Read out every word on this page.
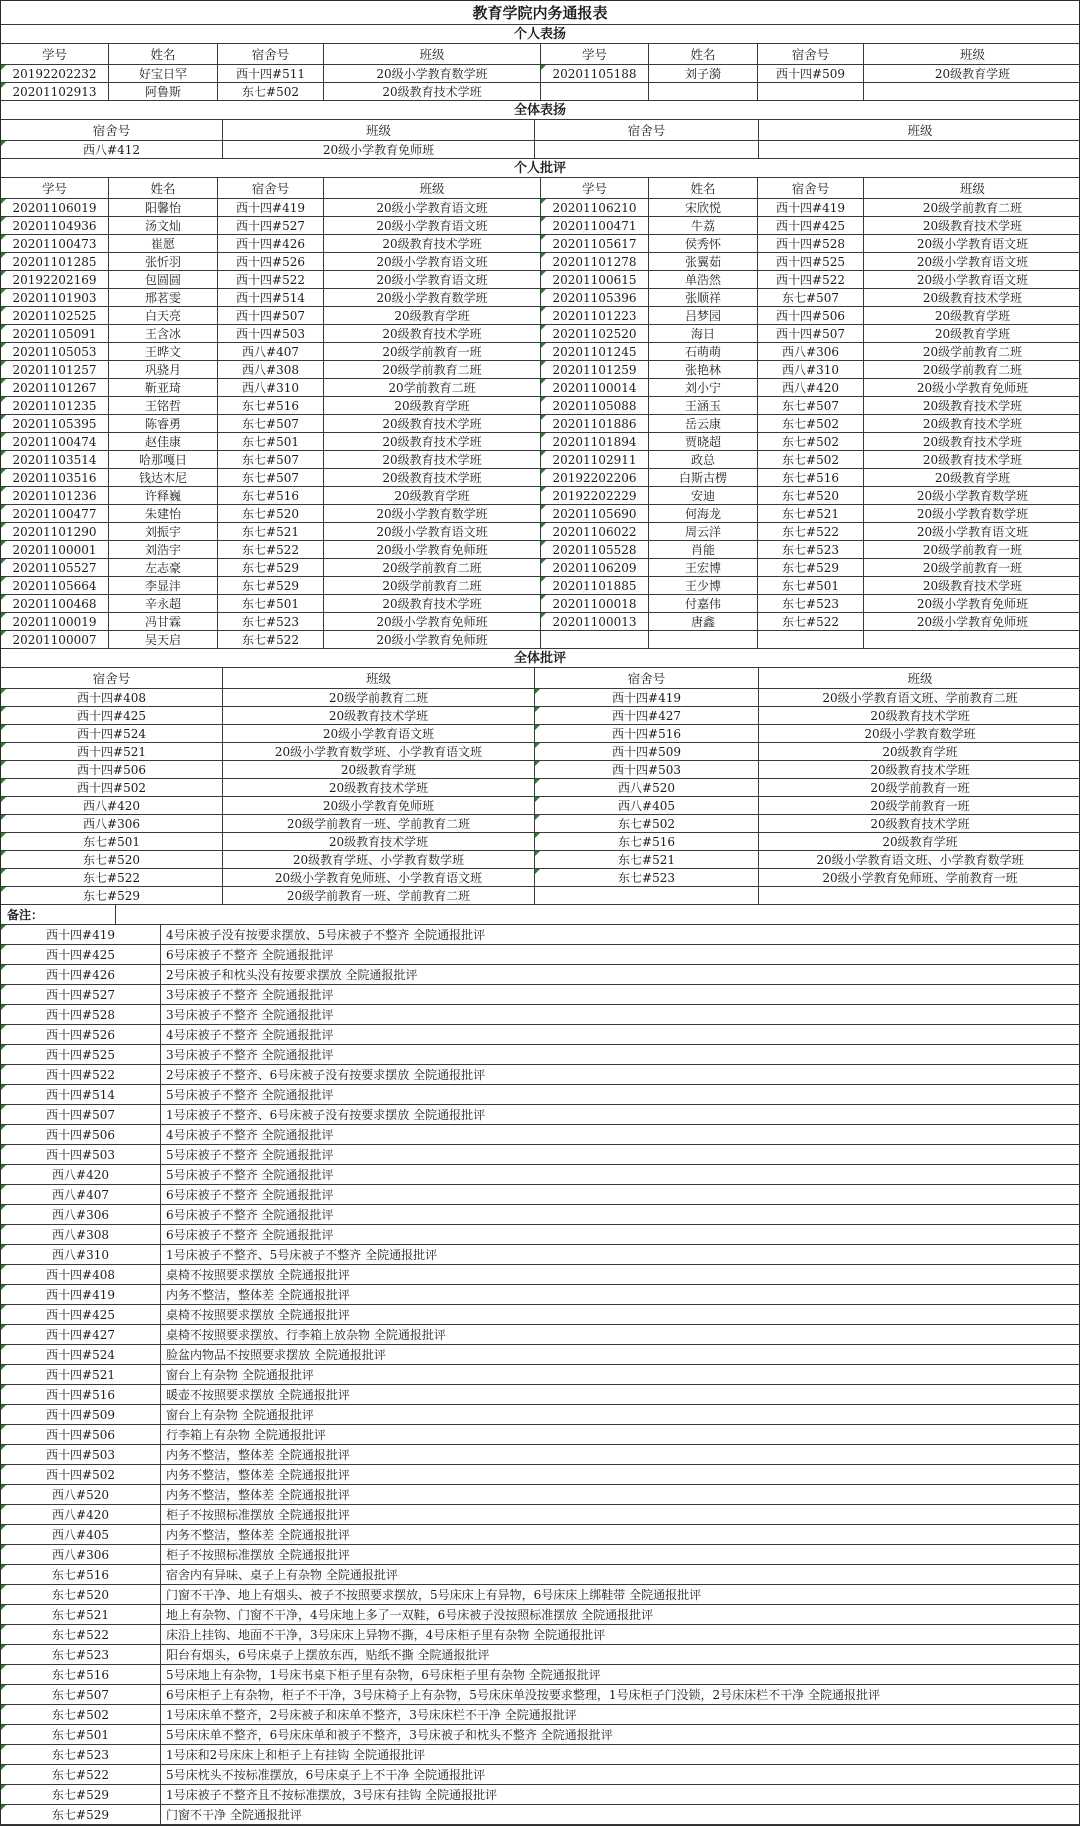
教育学院内务通报表
个人表扬
学号	姓名	宿舍号	班级	学号	姓名	宿舍号	班级
20192202232	好宝日罕	西十四#511	20级小学教育数学班	20201105188	刘子漪	西十四#509	20级教育学班
20201102913	阿鲁斯	东七#502	20级教育技术学班
全体表扬
宿舍号	班级	宿舍号	班级
西八#412	20级小学教育免师班
个人批评
学号	姓名	宿舍号	班级	学号	姓名	宿舍号	班级
20201106019	阳馨怡	西十四#419	20级小学教育语文班	20201106210	宋欣悦	西十四#419	20级学前教育二班
20201104936	汤文灿	西十四#527	20级小学教育语文班	20201100471	牛荔	西十四#425	20级教育技术学班
20201100473	崔愿	西十四#426	20级教育技术学班	20201105617	侯秀怀	西十四#528	20级小学教育语文班
20201101285	张忻羽	西十四#526	20级小学教育语文班	20201101278	张翼茹	西十四#525	20级小学教育语文班
20192202169	包圆圆	西十四#522	20级小学教育语文班	20201100615	单浩然	西十四#522	20级小学教育语文班
20201101903	邢茗雯	西十四#514	20级小学教育数学班	20201105396	张顺祥	东七#507	20级教育技术学班
20201102525	白天亮	西十四#507	20级教育学班	20201101223	吕梦园	西十四#506	20级教育学班
20201105091	王含冰	西十四#503	20级教育技术学班	20201102520	海日	西十四#507	20级教育学班
20201105053	王晔文	西八#407	20级学前教育一班	20201101245	石萌萌	西八#306	20级学前教育二班
20201101257	巩骁月	西八#308	20级学前教育二班	20201101259	张艳林	西八#310	20级学前教育二班
20201101267	靳亚琦	西八#310	20学前教育二班	20201100014	刘小宁	西八#420	20级小学教育免师班
20201101235	王铭哲	东七#516	20级教育学班	20201105088	王涵玉	东七#507	20级教育技术学班
20201105395	陈睿勇	东七#507	20级教育技术学班	20201101886	岳云康	东七#502	20级教育技术学班
20201100474	赵佳康	东七#501	20级教育技术学班	20201101894	贾晓超	东七#502	20级教育技术学班
20201103514	哈那嘎日	东七#507	20级教育技术学班	20201102911	政总	东七#502	20级教育技术学班
20201103516	钱达木尼	东七#507	20级教育技术学班	20192202206	白斯古楞	东七#516	20级教育学班
20201101236	许释巍	东七#516	20级教育学班	20192202229	安迪	东七#520	20级小学教育数学班
20201100477	朱建怡	东七#520	20级小学教育数学班	20201105690	何海龙	东七#521	20级小学教育数学班
20201101290	刘振宇	东七#521	20级小学教育语文班	20201106022	周云洋	东七#522	20级小学教育语文班
20201100001	刘浩宇	东七#522	20级小学教育免师班	20201105528	肖能	东七#523	20级学前教育一班
20201105527	左志豪	东七#529	20级学前教育二班	20201106209	王宏博	东七#529	20级学前教育一班
20201105664	李显沣	东七#529	20级学前教育二班	20201101885	王少博	东七#501	20级教育技术学班
20201100468	辛永超	东七#501	20级教育技术学班	20201100018	付嘉伟	东七#523	20级小学教育免师班
20201100019	冯甘霖	东七#523	20级小学教育免师班	20201100013	唐鑫	东七#522	20级小学教育免师班
20201100007	吴天启	东七#522	20级小学教育免师班
全体批评
宿舍号	班级	宿舍号	班级
西十四#408	20级学前教育二班	西十四#419	20级小学教育语文班、学前教育二班
西十四#425	20级教育技术学班	西十四#427	20级教育技术学班
西十四#524	20级小学教育语文班	西十四#516	20级小学教育数学班
西十四#521	20级小学教育数学班、小学教育语文班	西十四#509	20级教育学班
西十四#506	20级教育学班	西十四#503	20级教育技术学班
西十四#502	20级教育技术学班	西八#520	20级学前教育一班
西八#420	20级小学教育免师班	西八#405	20级学前教育一班
西八#306	20级学前教育一班、学前教育二班	东七#502	20级教育技术学班
东七#501	20级教育技术学班	东七#516	20级教育学班
东七#520	20级教育学班、小学教育数学班	东七#521	20级小学教育语文班、小学教育数学班
东七#522	20级小学教育免师班、小学教育语文班	东七#523	20级小学教育免师班、学前教育一班
东七#529	20级学前教育一班、学前教育二班
备注：
西十四#419	4号床被子没有按要求摆放、5号床被子不整齐 全院通报批评
西十四#425	6号床被子不整齐 全院通报批评
西十四#426	2号床被子和枕头没有按要求摆放 全院通报批评
西十四#527	3号床被子不整齐 全院通报批评
西十四#528	3号床被子不整齐 全院通报批评
西十四#526	4号床被子不整齐 全院通报批评
西十四#525	3号床被子不整齐 全院通报批评
西十四#522	2号床被子不整齐、6号床被子没有按要求摆放 全院通报批评
西十四#514	5号床被子不整齐 全院通报批评
西十四#507	1号床被子不整齐、6号床被子没有按要求摆放 全院通报批评
西十四#506	4号床被子不整齐 全院通报批评
西十四#503	5号床被子不整齐 全院通报批评
西八#420	5号床被子不整齐 全院通报批评
西八#407	6号床被子不整齐 全院通报批评
西八#306	6号床被子不整齐 全院通报批评
西八#308	6号床被子不整齐 全院通报批评
西八#310	1号床被子不整齐、5号床被子不整齐 全院通报批评
西十四#408	桌椅不按照要求摆放 全院通报批评
西十四#419	内务不整洁，整体差 全院通报批评
西十四#425	桌椅不按照要求摆放 全院通报批评
西十四#427	桌椅不按照要求摆放、行李箱上放杂物 全院通报批评
西十四#524	脸盆内物品不按照要求摆放 全院通报批评
西十四#521	窗台上有杂物 全院通报批评
西十四#516	暖壶不按照要求摆放 全院通报批评
西十四#509	窗台上有杂物 全院通报批评
西十四#506	行李箱上有杂物 全院通报批评
西十四#503	内务不整洁，整体差 全院通报批评
西十四#502	内务不整洁，整体差 全院通报批评
西八#520	内务不整洁，整体差 全院通报批评
西八#420	柜子不按照标准摆放 全院通报批评
西八#405	内务不整洁，整体差 全院通报批评
西八#306	柜子不按照标准摆放 全院通报批评
东七#516	宿舍内有异味、桌子上有杂物 全院通报批评
东七#520	门窗不干净、地上有烟头、被子不按照要求摆放，5号床床上有异物，6号床床上绑鞋带 全院通报批评
东七#521	地上有杂物、门窗不干净，4号床地上多了一双鞋，6号床被子没按照标准摆放 全院通报批评
东七#522	床沿上挂钩、地面不干净，3号床床上异物不撕，4号床柜子里有杂物 全院通报批评
东七#523	阳台有烟头，6号床桌子上摆放东西，贴纸不撕 全院通报批评
东七#516	5号床地上有杂物，1号床书桌下柜子里有杂物，6号床柜子里有杂物 全院通报批评
东七#507	6号床柜子上有杂物，柜子不干净，3号床椅子上有杂物，5号床床单没按要求整理，1号床柜子门没锁，2号床床栏不干净 全院通报批评
东七#502	1号床床单不整齐，2号床被子和床单不整齐，3号床床栏不干净 全院通报批评
东七#501	5号床床单不整齐，6号床床单和被子不整齐，3号床被子和枕头不整齐 全院通报批评
东七#523	1号床和2号床床上和柜子上有挂钩 全院通报批评
东七#522	5号床枕头不按标准摆放，6号床桌子上不干净 全院通报批评
东七#529	1号床被子不整齐且不按标准摆放，3号床有挂钩 全院通报批评
东七#529	门窗不干净 全院通报批评
